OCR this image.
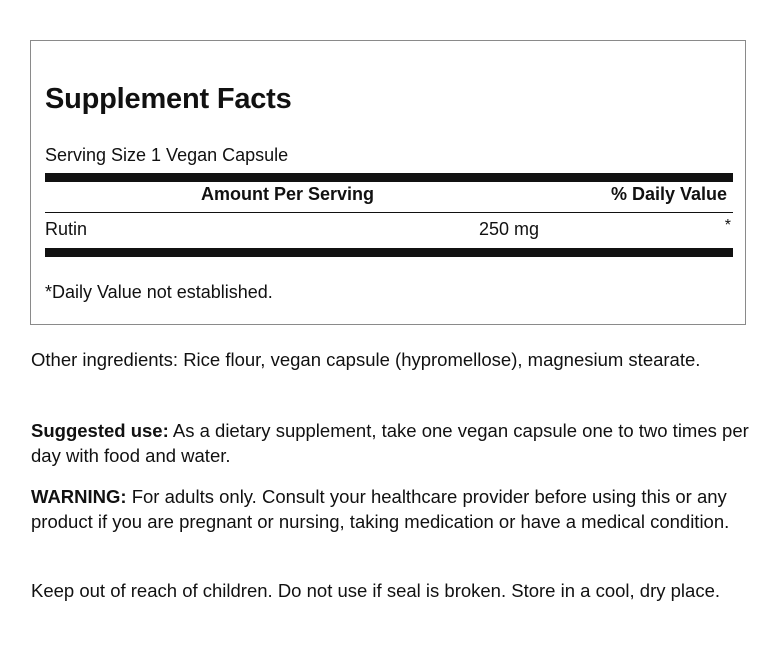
Supplement Facts
Serving Size 1 Vegan Capsule
Amount Per Serving	% Daily Value
Rutin	250 mg	*
*Daily Value not established.

Other ingredients: Rice flour, vegan capsule (hypromellose), magnesium stearate.

Suggested use: As a dietary supplement, take one vegan capsule one to two times per day with food and water.

WARNING: For adults only. Consult your healthcare provider before using this or any product if you are pregnant or nursing, taking medication or have a medical condition.

Keep out of reach of children. Do not use if seal is broken. Store in a cool, dry place.
